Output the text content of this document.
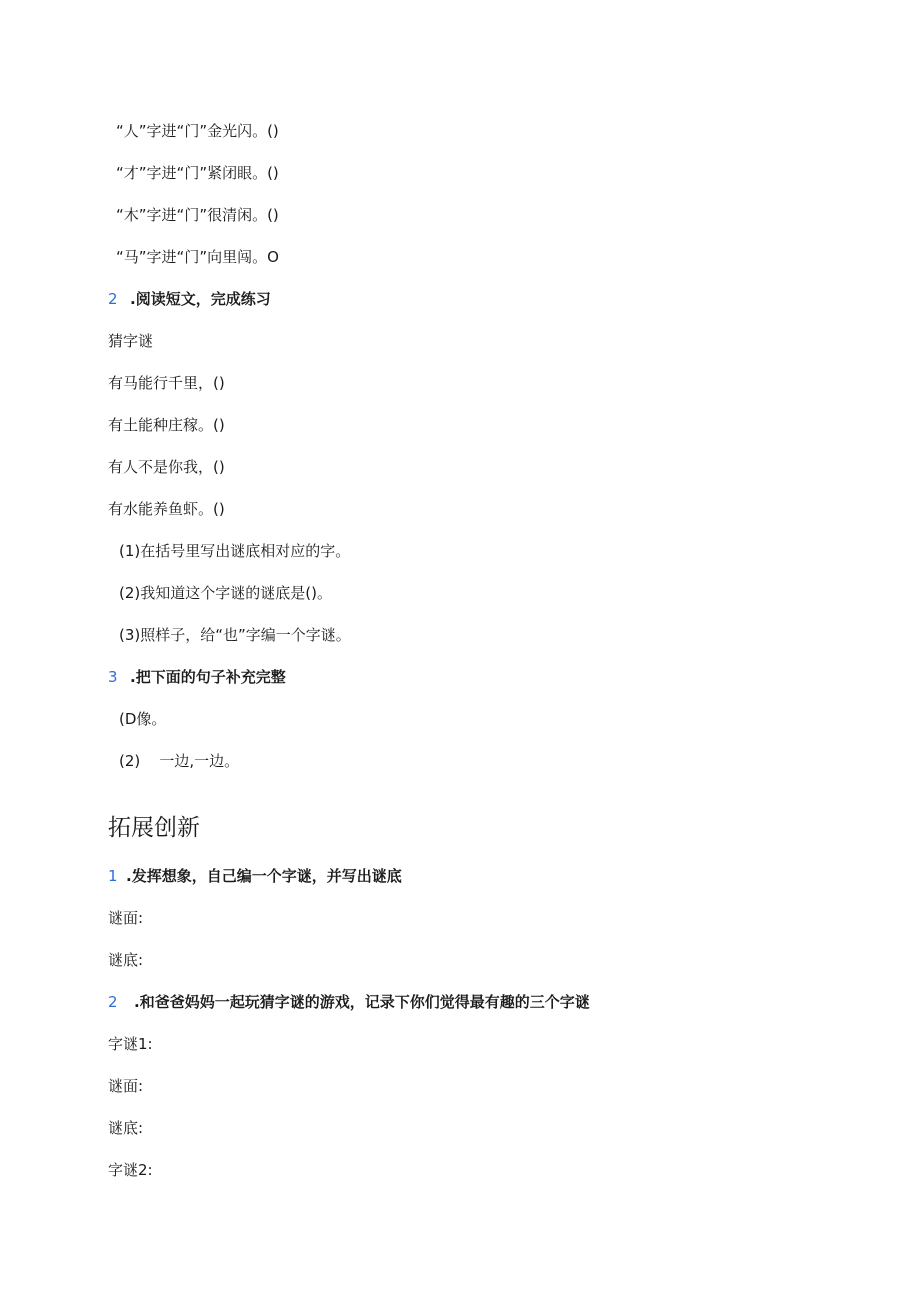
“人”字进“门”金光闪。()
“才”字进“门”紧闭眼。()
“木”字进“门”很清闲。()
“马”字进“门”向里闯。O
2 .阅读短文，完成练习
猜字谜
有马能行千里，()
有土能种庄稼。()
有人不是你我，()
有水能养鱼虾。()
(1)在括号里写出谜底相对应的字。
(2)我知道这个字谜的谜底是()。
(3)照样子，给“也”字编一个字谜。
3 .把下面的句子补充完整
(D像。
(2)    一边,一边。
拓展创新
1 .发挥想象，自己编一个字谜，并写出谜底
谜面:
谜底:
2 .和爸爸妈妈一起玩猜字谜的游戏，记录下你们觉得最有趣的三个字谜
字谜1:
谜面:
谜底:
字谜2:
